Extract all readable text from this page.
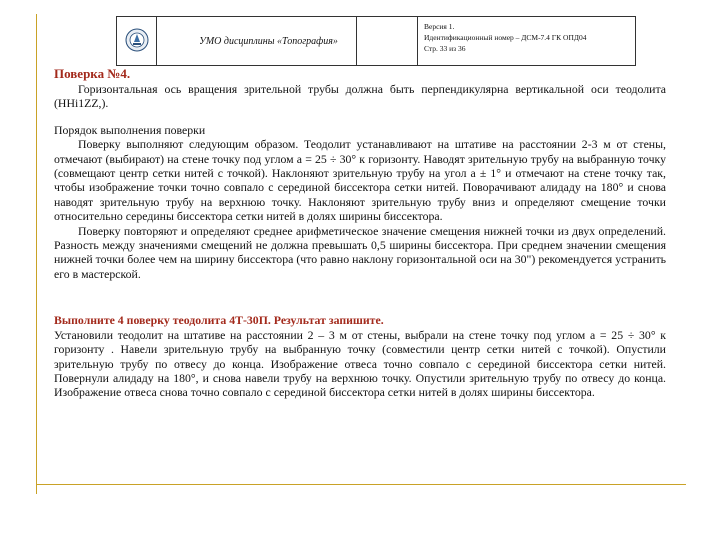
УМО дисциплины «Топография»
Версия 1.
Идентификационный номер – ДСМ-7.4 ГК ОПД04
Стр. 33 из 36

Поверка №4.

Горизонтальная ось вращения зрительной трубы должна быть перпендикулярна вертикальной оси теодолита (HHi1ZZ,).

Порядок выполнения поверки

Поверку выполняют следующим образом. Теодолит устанавливают на штативе на расстоянии 2-3 м от стены, отмечают (выбирают) на стене точку под углом a = 25 ÷ 30° к горизонту. Наводят зрительную трубу на выбранную точку (совмещают центр сетки нитей с точкой). Наклоняют зрительную трубу на угол a ± 1° и отмечают на стене точку так, чтобы изображение точки точно совпало с серединой биссектора сетки нитей. Поворачивают алидаду на 180° и снова наводят зрительную трубу на верхнюю точку. Наклоняют зрительную трубу вниз и определяют смещение точки относительно середины биссектора сетки нитей в долях ширины биссектора.

Поверку повторяют и определяют среднее арифметическое значение смещения нижней точки из двух определений. Разность между значениями смещений не должна превышать 0,5 ширины биссектора. При среднем значении смещения нижней точки более чем на ширину биссектора (что равно наклону горизонтальной оси на 30") рекомендуется устранить его в мастерской.

Выполните 4 поверку теодолита 4Т-30П. Результат запишите.

Установили теодолит на штативе на расстоянии 2 – 3 м от стены, выбрали на стене точку под углом a = 25 ÷ 30° к горизонту . Навели зрительную трубу на выбранную точку (совместили центр сетки нитей с точкой). Опустили зрительную трубу по отвесу до конца. Изображение отвеса точно совпало с серединой биссектора сетки нитей. Повернули алидаду на 180°, и снова навели трубу на верхнюю точку. Опустили зрительную трубу по отвесу до конца. Изображение отвеса снова точно совпало с серединой биссектора сетки нитей в долях ширины биссектора.
